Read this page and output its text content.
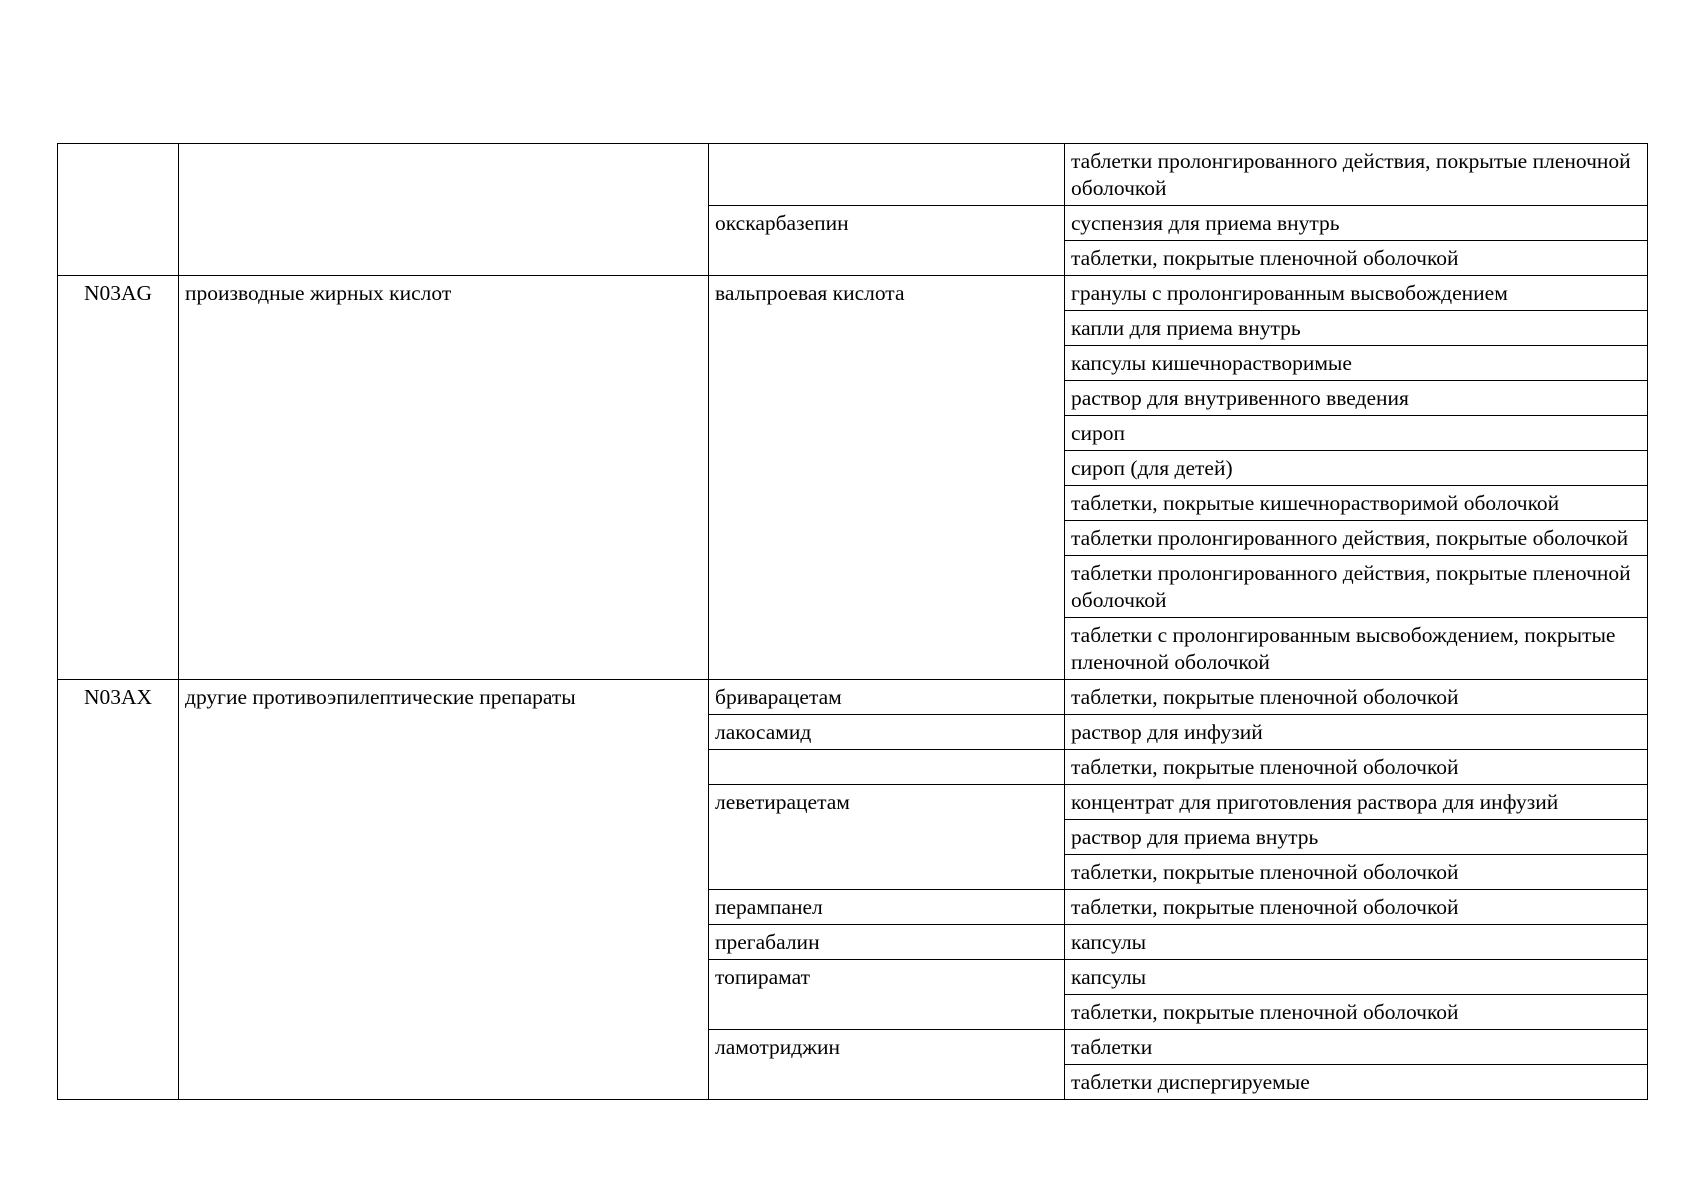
			таблетки пролонгированного действия, покрытые пленочной оболочкой
		окскарбазепин	суспензия для приема внутрь
			таблетки, покрытые пленочной оболочкой
N03AG	производные жирных кислот	вальпроевая кислота	гранулы с пролонгированным высвобождением
			капли для приема внутрь
			капсулы кишечнорастворимые
			раствор для внутривенного введения
			сироп
			сироп (для детей)
			таблетки, покрытые кишечнорастворимой оболочкой
			таблетки пролонгированного действия, покрытые оболочкой
			таблетки пролонгированного действия, покрытые пленочной оболочкой
			таблетки с пролонгированным высвобождением, покрытые пленочной оболочкой
N03AX	другие противоэпилептические препараты	бриварацетам	таблетки, покрытые пленочной оболочкой
		лакосамид	раствор для инфузий
			таблетки, покрытые пленочной оболочкой
		леветирацетам	концентрат для приготовления раствора для инфузий
			раствор для приема внутрь
			таблетки, покрытые пленочной оболочкой
		перампанел	таблетки, покрытые пленочной оболочкой
		прегабалин	капсулы
		топирамат	капсулы
			таблетки, покрытые пленочной оболочкой
		ламотриджин	таблетки
			таблетки диспергируемые
